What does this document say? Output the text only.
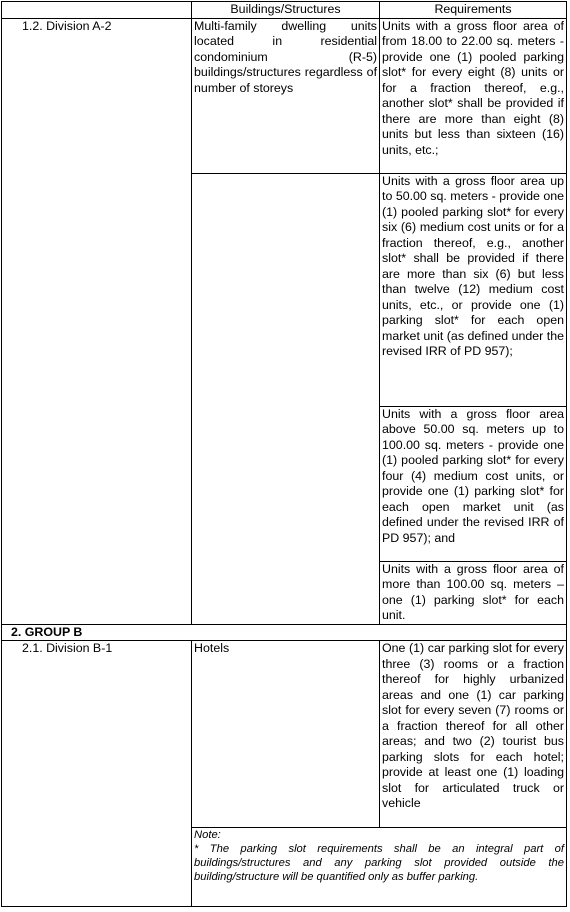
	Buildings/Structures	Requirements
1.2. Division A-2	Multi-family dwelling units located in residential condominium (R-5) buildings/structures regardless of number of storeys	Units with a gross floor area of from 18.00 to 22.00 sq. meters - provide one (1) pooled parking slot* for every eight (8) units or for a fraction thereof, e.g., another slot* shall be provided if there are more than eight (8) units but less than sixteen (16) units, etc.;
		Units with a gross floor area up to 50.00 sq. meters - provide one (1) pooled parking slot* for every six (6) medium cost units or for a fraction thereof, e.g., another slot* shall be provided if there are more than six (6) but less than twelve (12) medium cost units, etc., or provide one (1) parking slot* for each open market unit (as defined under the revised IRR of PD 957);
		Units with a gross floor area above 50.00 sq. meters up to 100.00 sq. meters - provide one (1) pooled parking slot* for every four (4) medium cost units, or provide one (1) parking slot* for each open market unit (as defined under the revised IRR of PD 957); and
		Units with a gross floor area of more than 100.00 sq. meters – one (1) parking slot* for each unit.
2. GROUP B		
2.1. Division B-1	Hotels	One (1) car parking slot for every three (3) rooms or a fraction thereof for highly urbanized areas and one (1) car parking slot for every seven (7) rooms or a fraction thereof for all other areas; and two (2) tourist bus parking slots for each hotel; provide at least one (1) loading slot for articulated truck or vehicle

	Note:

* The parking slot requirements shall be an integral part of buildings/structures and any parking slot provided outside the building/structure will be quantified only as buffer parking.	
